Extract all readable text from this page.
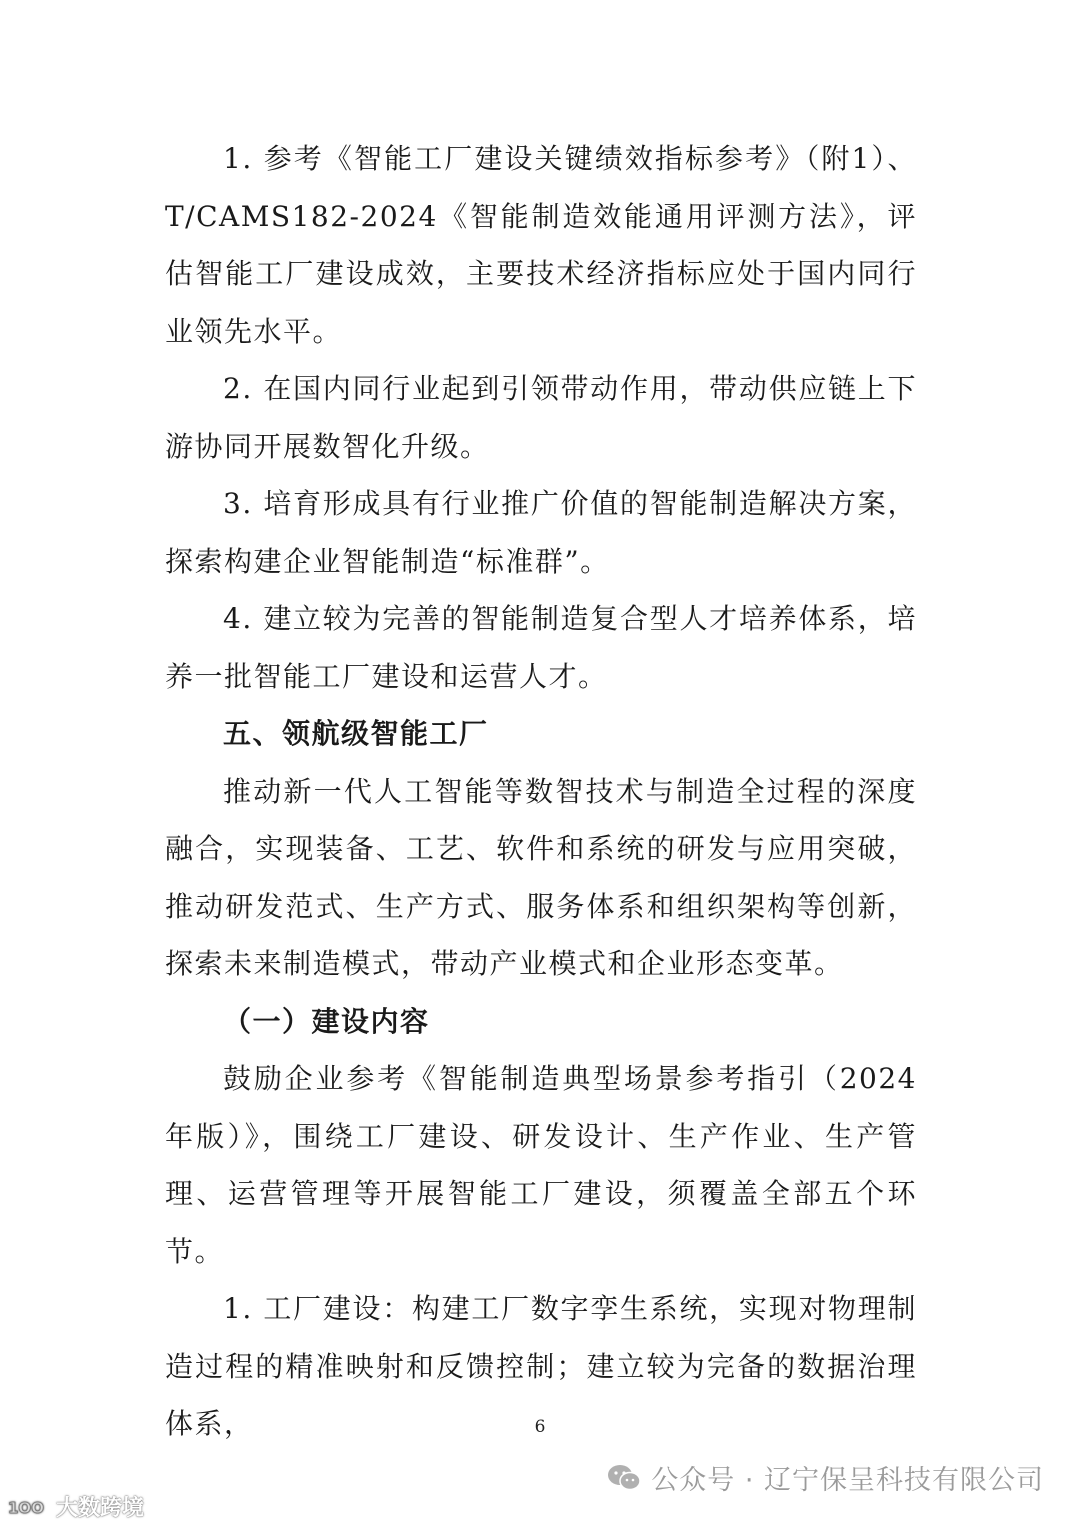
1. 参考《智能工厂建设关键绩效指标参考》（附1）、T/CAMS182-2024《智能制造效能通用评测方法》，评估智能工厂建设成效，主要技术经济指标应处于国内同行业领先水平。

2. 在国内同行业起到引领带动作用，带动供应链上下游协同开展数智化升级。

3. 培育形成具有行业推广价值的智能制造解决方案，探索构建企业智能制造“标准群”。

4. 建立较为完善的智能制造复合型人才培养体系，培养一批智能工厂建设和运营人才。

五、领航级智能工厂

推动新一代人工智能等数智技术与制造全过程的深度融合，实现装备、工艺、软件和系统的研发与应用突破，推动研发范式、生产方式、服务体系和组织架构等创新，探索未来制造模式，带动产业模式和企业形态变革。

（一）建设内容

鼓励企业参考《智能制造典型场景参考指引（2024年版）》，围绕工厂建设、研发设计、生产作业、生产管理、运营管理等开展智能工厂建设，须覆盖全部五个环节。

1. 工厂建设：构建工厂数字孪生系统，实现对物理制造过程的精准映射和反馈控制；建立较为完备的数据治理体系，	6
公众号 · 辽宁保呈科技有限公司
1OO 大数跨境
